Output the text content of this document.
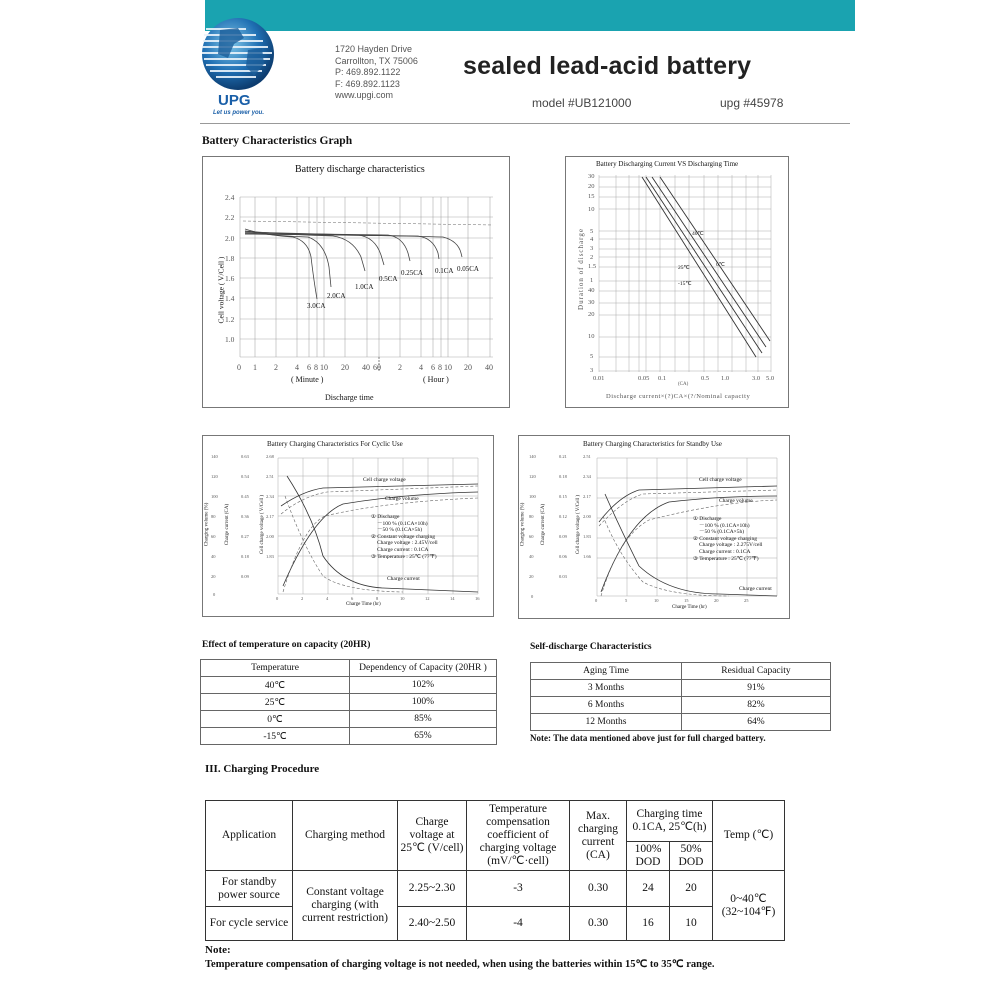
UPG
Let us power you.
1720 Hayden Drive
Carrollton, TX 75006
P: 469.892.1122
F: 469.892.1123
www.upgi.com
sealed lead-acid battery
model #UB121000	upg #45978
Battery Characteristics Graph
Battery discharge characteristics
Cell voltage ( V/Cell )
2.4
2.2
2.0
1.8
1.6
1.4
1.2
1.0
0 1 2 4 6 8 10 20 40 60 2 4 6 8 10 20 40
( Minute )	( Hour )
Discharge time
3.0CA
2.0CA
1.0CA
0.5CA
0.25CA 0.1CA 0.05CA
Battery Discharging Current VS Discharging Time
Duration of discharge
30
20
15
10
5
4
3
2
1.5
1
40
30
20
10
5
3
0.01	0.05 0.1	0.5 1.0	3.0 5.0
(CA)
Discharge current×(?)CA×(?/Nominal capacity
40℃
25℃	0℃
-15℃
Battery Charging Characteristics For Cyclic Use
Charging volume (%)	Charge current (CA)	Cell charge voltage ( V/Cell )
140
120
100
80
60
40
20
0
0.63
0.54
0.45
0.36
0.27
0.18
0.09
2.68
2.51
2.34
2.17
2.00
1.83
0	2	4	6	8	10	12	14	16
Charge Time (hr)
Cell charge voltage
Charge volume
Charge current
① Discharge
－100 % (0.1CA×10h)
－50 % (0.1CA×5h)
② Constant voltage charging
Charge voltage : 2.45V/cell
Charge current : 0.1CA
③ Temperature : 25℃ (77℉)
Battery Charging Characteristics for Standby Use
Charging volume (%)	Charge current (CA)	Cell charge voltage ( V/Cell )
140
120
100
80
60
40
20
0
0.21
0.18
0.15
0.12
0.09
0.06
0.03
2.51
2.34
2.17
2.00
1.83
1.66
0	5	10	15	20	25
Charge Time (hr)
Cell charge voltage
Charge volume
Charge current
① Discharge
－100 % (0.1CA×10h)
－50 % (0.1CA×5h)
② Constant voltage charging
Charge voltage : 2.275V/cell
Charge current : 0.1CA
③ Temperature : 25℃ (77℉)
Effect of temperature on capacity (20HR)
Temperature	Dependency of Capacity (20HR )
40℃	102%
25℃	100%
0℃	85%
-15℃	65%
Self-discharge Characteristics
Aging Time	Residual Capacity
3 Months	91%
6 Months	82%
12 Months	64%
Note: The data mentioned above just for full charged battery.
III. Charging Procedure
Application	Charging method	Charge voltage at 25℃ (V/cell)	Temperature compensation coefficient of charging voltage (mV/℃·cell)	Max. charging current (CA)	Charging time 0.1CA, 25℃(h)		Temp (℃)
					100% DOD	50% DOD	
For standby power source	Constant voltage charging (with current restriction)	2.25~2.30	-3	0.30	24	20	0~40℃ (32~104℉)
For cycle service		2.40~2.50	-4	0.30	16	10	
Note:
Temperature compensation of charging voltage is not needed, when using the batteries within 15℃ to 35℃ range.
